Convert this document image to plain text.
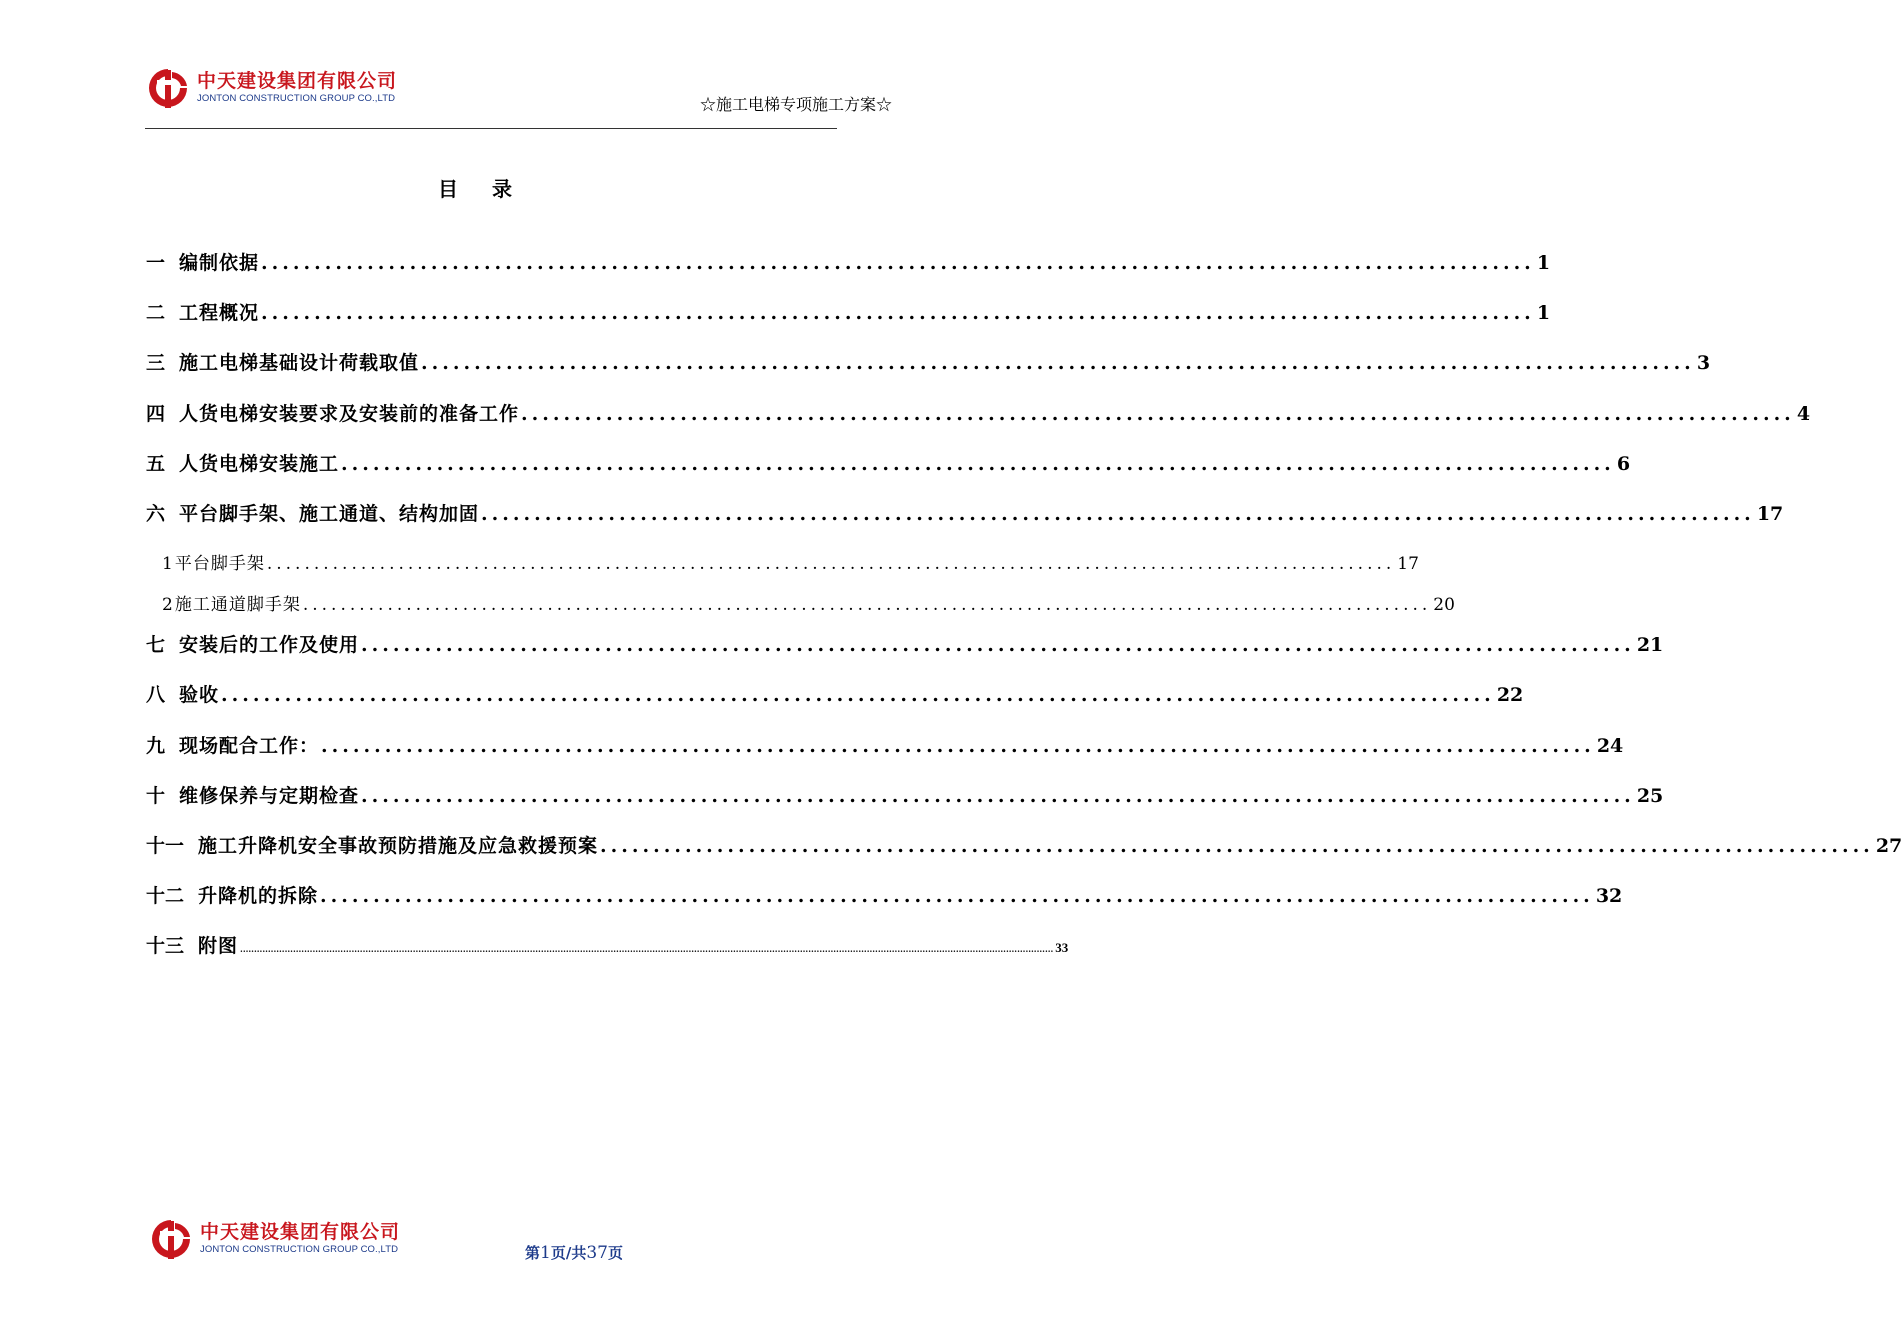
中天建设集团有限公司
JONTON CONSTRUCTION GROUP CO.,LTD	☆施工电梯专项施工方案☆
目 录
一 编制依据 ........................................................................................................................ 1
二 工程概况 ........................................................................................................................ 1
三 施工电梯基础设计荷载取值 ........................................................................................................................ 3
四 人货电梯安装要求及安装前的准备工作 ........................................................................................................................ 4
五 人货电梯安装施工 ........................................................................................................................ 6
六 平台脚手架、施工通道、结构加固 ........................................................................................................................ 17
1 平台脚手架 ........................................................................................................................ 17
2 施工通道脚手架 ........................................................................................................................ 20
七 安装后的工作及使用 ........................................................................................................................ 21
八 验收 ........................................................................................................................ 22
九 现场配合工作： ........................................................................................................................ 24
十 维修保养与定期检查 ........................................................................................................................ 25
十一 施工升降机安全事故预防措施及应急救援预案 ........................................................................................................................ 27
十二 升降机的拆除 ........................................................................................................................ 32
十三 附图 .................................................................................................................................................................................................................................................................................................... 33
中天建设集团有限公司
JONTON CONSTRUCTION GROUP CO.,LTD	第1页/共37页
